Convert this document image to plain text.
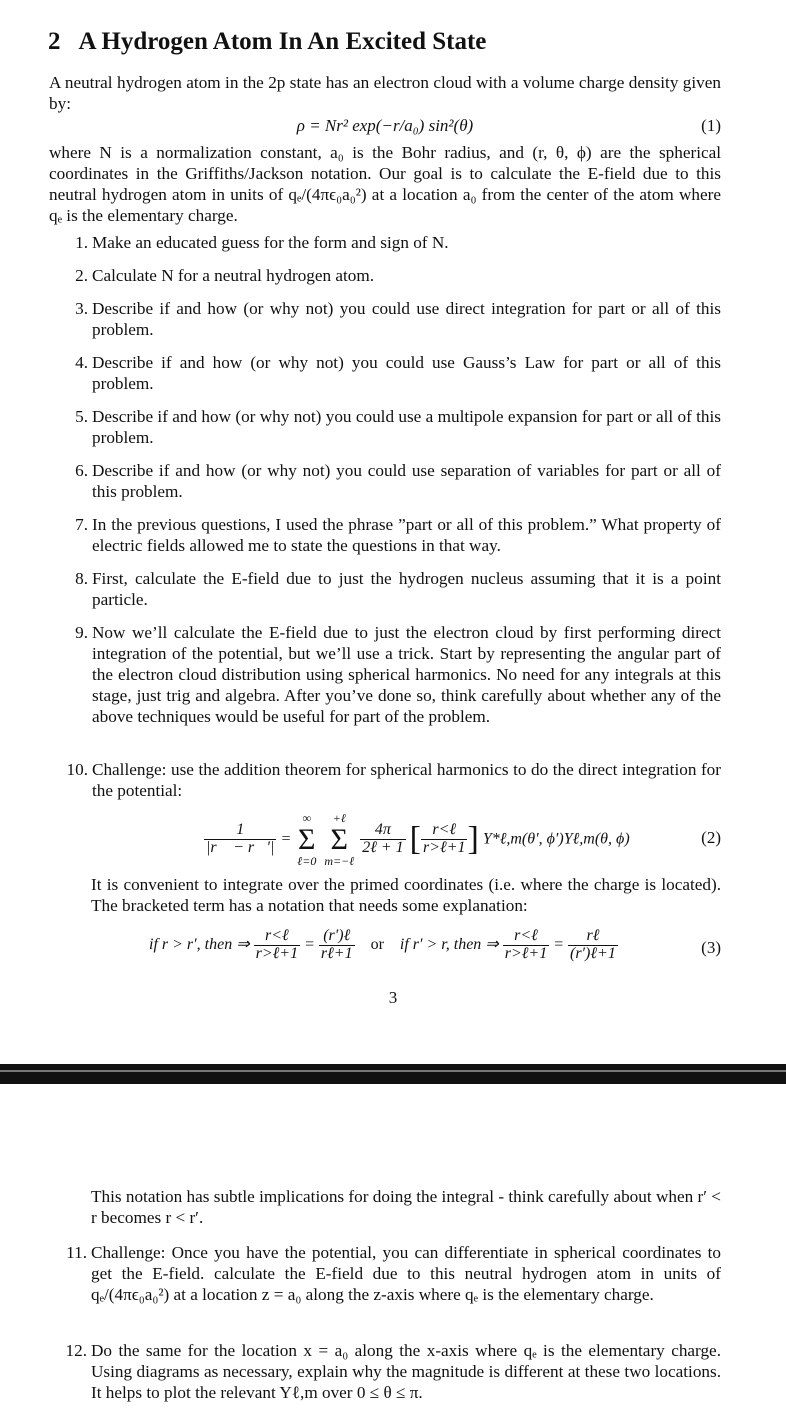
2 A Hydrogen Atom In An Excited State

A neutral hydrogen atom in the 2p state has an electron cloud with a volume charge density given by:

ρ = Nr² exp(−r/a₀) sin²(θ)	(1)

where N is a normalization constant, a₀ is the Bohr radius, and (r, θ, ϕ) are the spherical coordinates in the Griffiths/Jackson notation. Our goal is to calculate the E-field due to this neutral hydrogen atom in units of qₑ/(4πϵ₀a₀²) at a location a₀ from the center of the atom where qₑ is the elementary charge.

1. Make an educated guess for the form and sign of N.
2. Calculate N for a neutral hydrogen atom.
3. Describe if and how (or why not) you could use direct integration for part or all of this problem.
4. Describe if and how (or why not) you could use Gauss’s Law for part or all of this problem.
5. Describe if and how (or why not) you could use a multipole expansion for part or all of this problem.
6. Describe if and how (or why not) you could use separation of variables for part or all of this problem.
7. In the previous questions, I used the phrase ”part or all of this problem.” What property of electric fields allowed me to state the questions in that way.
8. First, calculate the E-field due to just the hydrogen nucleus assuming that it is a point particle.
9. Now we’ll calculate the E-field due to just the electron cloud by first performing direct integration of the potential, but we’ll use a trick. Start by representing the angular part of the electron cloud distribution using spherical harmonics. No need for any integrals at this stage, just trig and algebra. After you’ve done so, think carefully about whether any of the above techniques would be useful for part of the problem.
10. Challenge: use the addition theorem for spherical harmonics to do the direct integration for the potential:
$\frac{1}{|r⃗ - r⃗'|}$ =
∞
Σ
ℓ=0

+ℓ
Σ
m=−ℓ

4π
2ℓ + 1 [ r<ℓ
r>ℓ+1 ] Y*ℓ,m(θ′, ϕ′)Yℓ,m(θ, ϕ)	(2)

It is convenient to integrate over the primed coordinates (i.e. where the charge is located). The bracketed term has a notation that needs some explanation:

if r > r′, then ⇒
r<ℓ
r>ℓ+1
=
(r′)ℓ
rℓ+1
or if r′ > r, then ⇒
r<ℓ
r>ℓ+1
=
rℓ
(r′)ℓ+1	(3)
3

This notation has subtle implications for doing the integral - think carefully about when r′ < r becomes r < r′.

11. Challenge: Once you have the potential, you can differentiate in spherical coordinates to get the E-field. calculate the E-field due to this neutral hydrogen atom in units of qₑ/(4πϵ₀a₀²) at a location z = a₀ along the z-axis where qₑ is the elementary charge.
12. Do the same for the location x = a₀ along the x-axis where qₑ is the elementary charge. Using diagrams as necessary, explain why the magnitude is different at these two locations. It helps to plot the relevant Yℓ,m over 0 ≤ θ ≤ π.
